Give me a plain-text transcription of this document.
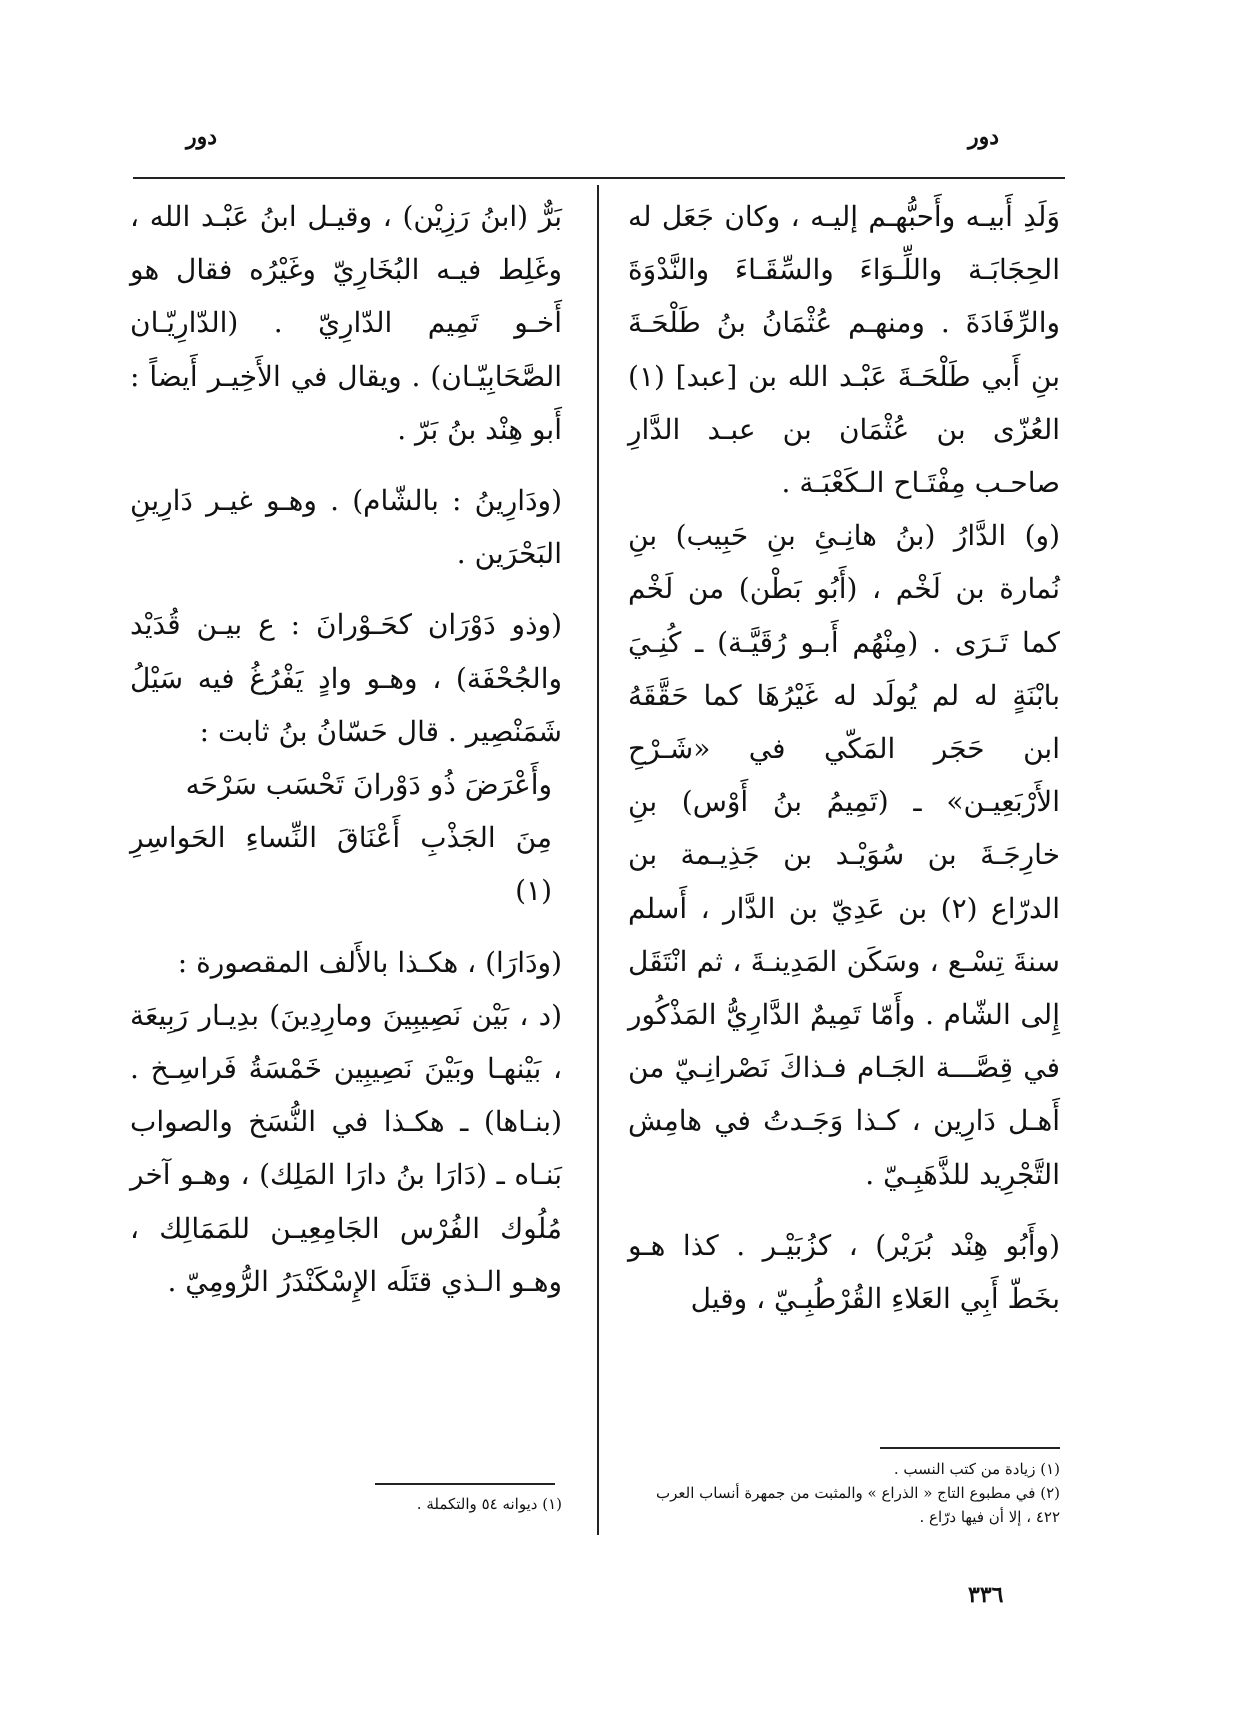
دور
دور

وَلَدِ أَبيـه وأَحبُّهـم إليـه ، وكان جَعَل له الحِجَابَـة واللِّـوَاءَ والسِّقَـاءَ والنَّدْوَةَ والرِّفَادَةَ . ومنهـم عُثْمَانُ بنُ طَلْحَـةَ بنِ أَبي طَلْحَـةَ عَبْـد الله بن [عبد] (١) العُزّى بن عُثْمَان بن عبـد الدَّارِ صاحـب مِفْتَـاح الـكَعْبَـة .

(و) الدَّارُ (بنُ هانِـئِ بنِ حَبِيب) بنِ نُمارة بن لَخْم ، (أَبُو بَطْن) من لَخْم كما تَـرَى . (مِنْهُم أَبـو رُقَيَّـة) ـ كُنِـيَ بابْنَةٍ له لم يُولَد له غَيْرُهَا كما حَقَّقَهُ ابن حَجَر المَكّي في «شَـرْحِ الأَرْبَعِيـن» ـ (تَمِيمُ بنُ أَوْس) بنِ خارِجَـةَ بن سُوَيْـد بن جَذِيـمة بن الدرّاع (٢) بن عَدِيّ بن الدَّار ، أَسلم سنةَ تِسْـع ، وسَكَن المَدِينـةَ ، ثم انْتَقَل إِلى الشّام . وأَمّا تَمِيمٌ الدَّارِيُّ المَذْكُور في قِصَّـــة الجَـام فـذاكَ نَصْرانِـيّ من أَهـل دَارِين ، كـذا وَجَـدتُ في هامِش التَّجْرِيد للذَّهَبِـيّ .

(وأَبُو هِنْد بُرَيْر) ، كزُبَيْـر . كذا هـو بخَطّ أَبِي العَلاءِ القُرْطُبِـيّ ، وقيل

بَرٌّ (ابنُ رَزِيْن) ، وقيـل ابنُ عَبْـد الله ، وغَلِط فيـه البُخَارِيّ وغَيْرُه فقال هو أَخـو تَمِيم الدّارِيّ . (الدّارِيّـان الصَّحَابِيّـان) . ويقال في الأَخِيـر أَيضاً : أَبو هِنْد بنُ بَرّ .

(ودَارِينُ : بالشّام) . وهـو غيـر دَارِينِ البَحْرَين .

(وذو دَوْرَان كحَـوْرانَ : ع بيـن قُدَيْد والجُحْفَة) ، وهـو وادٍ يَفْرُغُ فيه سَيْلُ شَمَنْصِير . قال حَسّانُ بنُ ثابت :

وأَعْرَضَ ذُو دَوْرانَ تَحْسَب سَرْحَه

مِنَ الجَذْبِ أَعْنَاقَ النِّساءِ الحَواسِرِ (١)

(ودَارَا) ، هكـذا بالأَلف المقصورة :

(د ، بَيْن نَصِيبِينَ ومارِدِينَ) بدِيـار رَبِيعَة ، بَيْنهـا وبَيْنَ نَصِيبِين خَمْسَةُ فَراسِـخ . (بنـاها) ـ هكـذا في النُّسَخ والصواب بَنـاه ـ (دَارَا بنُ دارَا المَلِك) ، وهـو آخر مُلُوك الفُرْس الجَامِعِيـن للمَمَالِك ، وهـو الـذي قتَلَه الإِسْكَنْدَرُ الرُّومِيّ .

(١) زيادة من كتب النسب .

(٢) في مطبوع التاج « الذراع » والمثبت من جمهرة أنساب العرب ٤٢٢ ، إلا أن فيها درّاع .

(١) ديوانه ٥٤ والتكملة .

٣٣٦
